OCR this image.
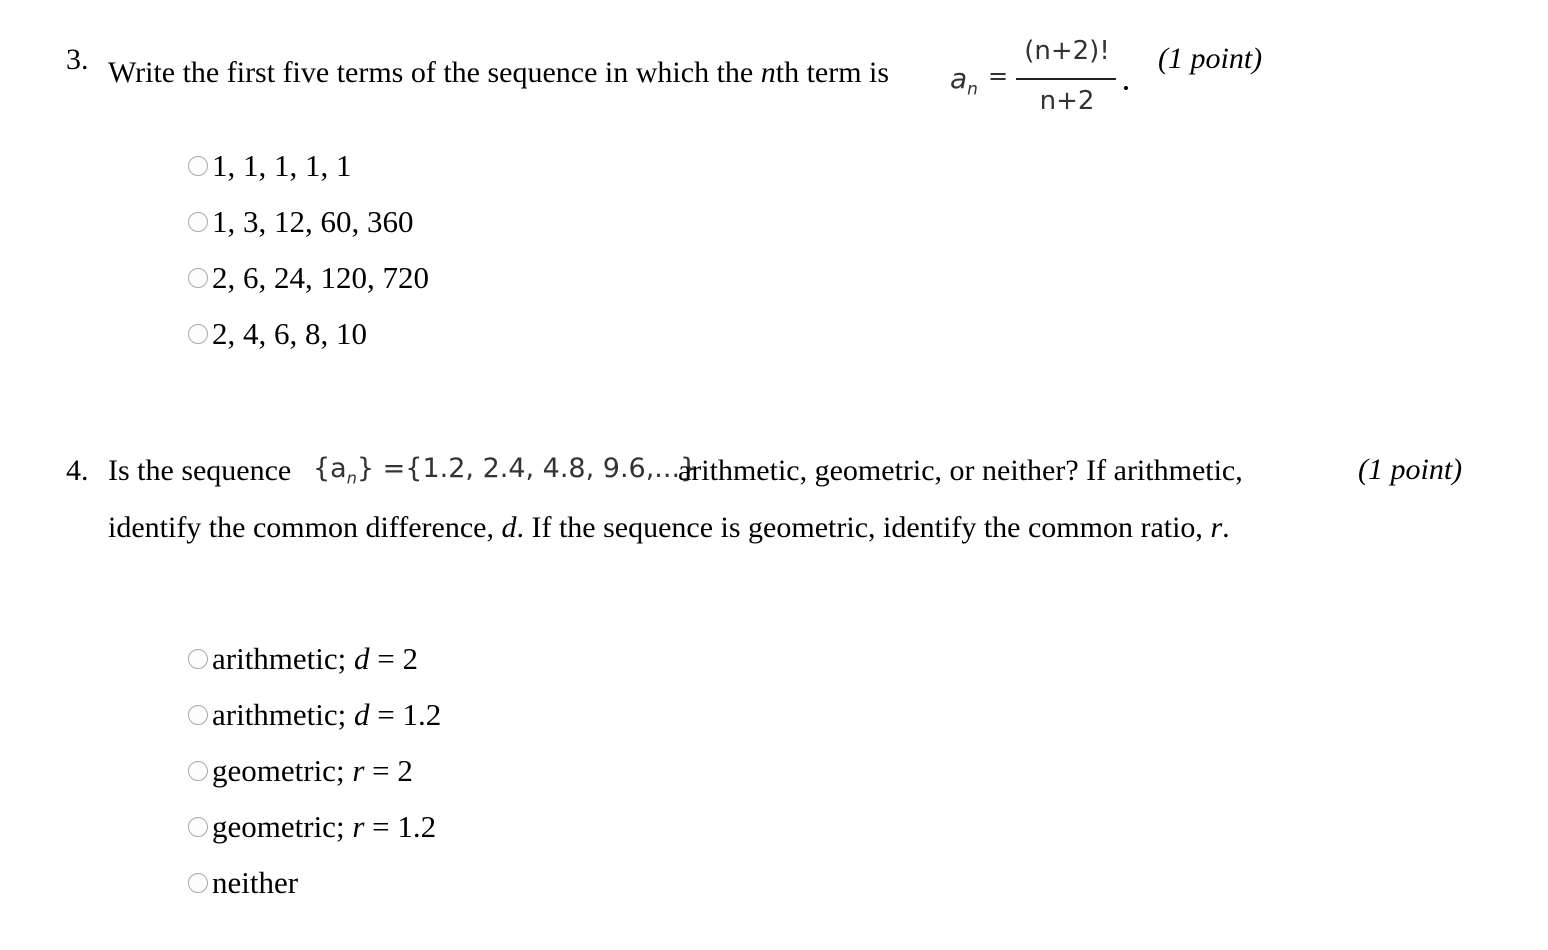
3. Write the first five terms of the sequence in which the nth term is $a_n$ =
(n+2)!
n+2
(1 point)
1, 1, 1, 1, 1
1, 3, 12, 60, 360
2, 6, 24, 120, 720
2, 4, 6, 8, 10
4. Is the sequence $\{a_n\} =\{1.2$, 2.4, 4.8, 9.6,...}
arithmetic, geometric, or neither? If arithmetic,	(1 point)
identify the common difference, d. If the sequence is geometric, identify the common ratio, r.
arithmetic; d = 2
arithmetic; d = 1.2
geometric; r = 2
geometric; r = 1.2
neither
